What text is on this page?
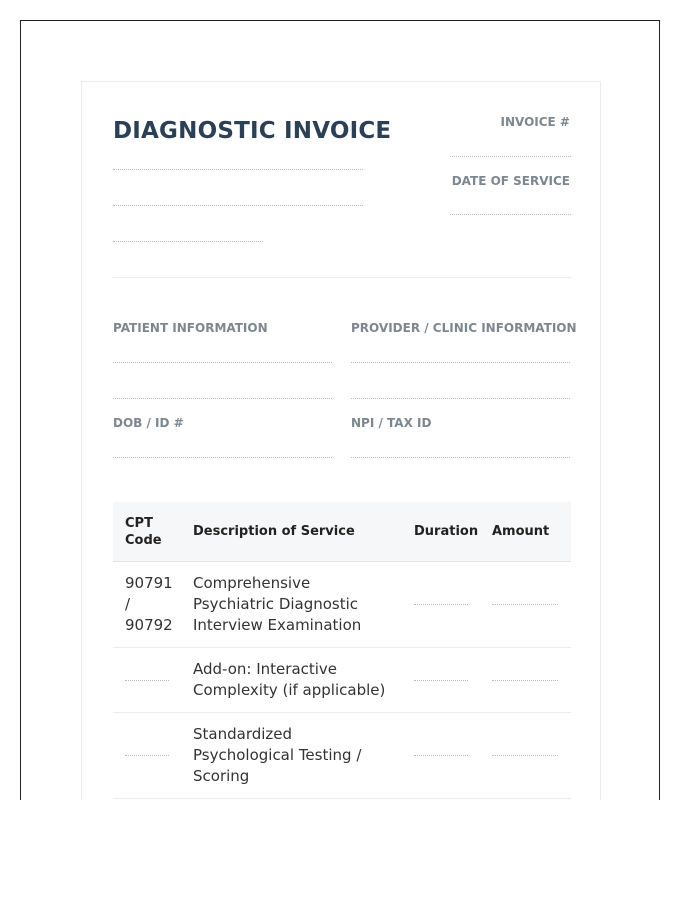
DIAGNOSTIC INVOICE	INVOICE #
DATE OF SERVICE
PATIENT INFORMATION	PROVIDER / CLINIC INFORMATION
DOB / ID #	NPI / TAX ID
CPT Code	Description of Service	Duration	Amount
90791 / 90792	Comprehensive Psychiatric Diagnostic Interview Examination	

	Add-on: Interactive Complexity (if applicable)	

	Standardized Psychological Testing / Scoring	
